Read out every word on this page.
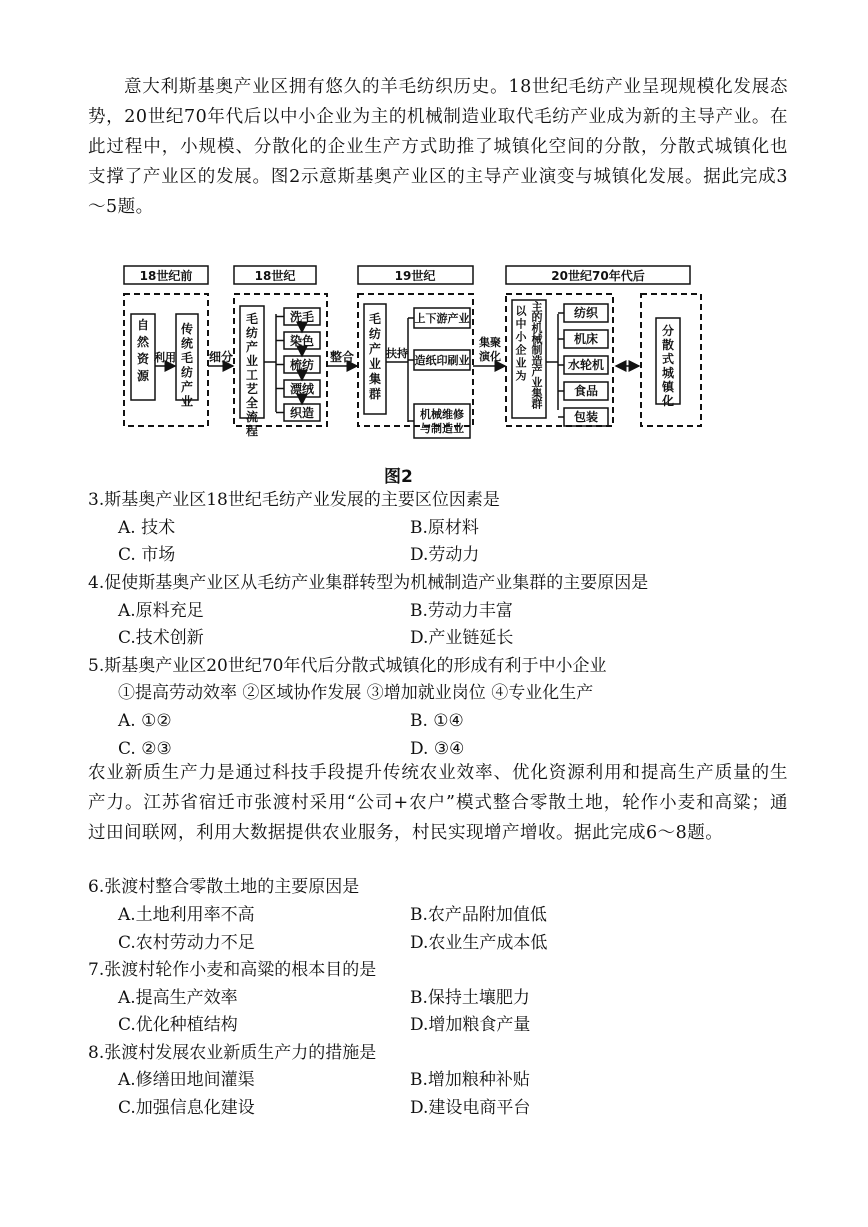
意大利斯基奥产业区拥有悠久的羊毛纺织历史。18世纪毛纺产业呈现规模化发展态势，20世纪70年代后以中小企业为主的机械制造业取代毛纺产业成为新的主导产业。在此过程中，小规模、分散化的企业生产方式助推了城镇化空间的分散，分散式城镇化也支撑了产业区的发展。图2示意斯基奥产业区的主导产业演变与城镇化发展。据此完成3～5题。

18世纪前	18世纪	19世纪	20世纪70年代后
自然资源
传统毛纺产业
利用	细分
毛纺产业工艺全流程
洗毛
染色
梳纺
漂绒
织造
整合
毛纺产业集群
扶持
上下游产业
造纸印刷业
机械维修
与制造业
集聚
演化
以中小企业为
主的机械制造产业集群
纺织
机床
水轮机
食品
包装
分散式城镇化
图2

3.斯基奥产业区18世纪毛纺产业发展的主要区位因素是

A. 技术	B.原材料

C. 市场	D.劳动力

4.促使斯基奥产业区从毛纺产业集群转型为机械制造产业集群的主要原因是

A.原料充足	B.劳动力丰富

C.技术创新	D.产业链延长

5.斯基奥产业区20世纪70年代后分散式城镇化的形成有利于中小企业

①提高劳动效率 ②区域协作发展 ③增加就业岗位 ④专业化生产

A. ①②	B. ①④

C. ②③	D. ③④

农业新质生产力是通过科技手段提升传统农业效率、优化资源利用和提高生产质量的生产力。江苏省宿迁市张渡村采用“公司+农户”模式整合零散土地，轮作小麦和高粱；通过田间联网，利用大数据提供农业服务，村民实现增产增收。据此完成6～8题。

6.张渡村整合零散土地的主要原因是

A.土地利用率不高	B.农产品附加值低

C.农村劳动力不足	D.农业生产成本低

7.张渡村轮作小麦和高粱的根本目的是

A.提高生产效率	B.保持土壤肥力

C.优化种植结构	D.增加粮食产量

8.张渡村发展农业新质生产力的措施是

A.修缮田地间灌渠	B.增加粮种补贴

C.加强信息化建设	D.建设电商平台
